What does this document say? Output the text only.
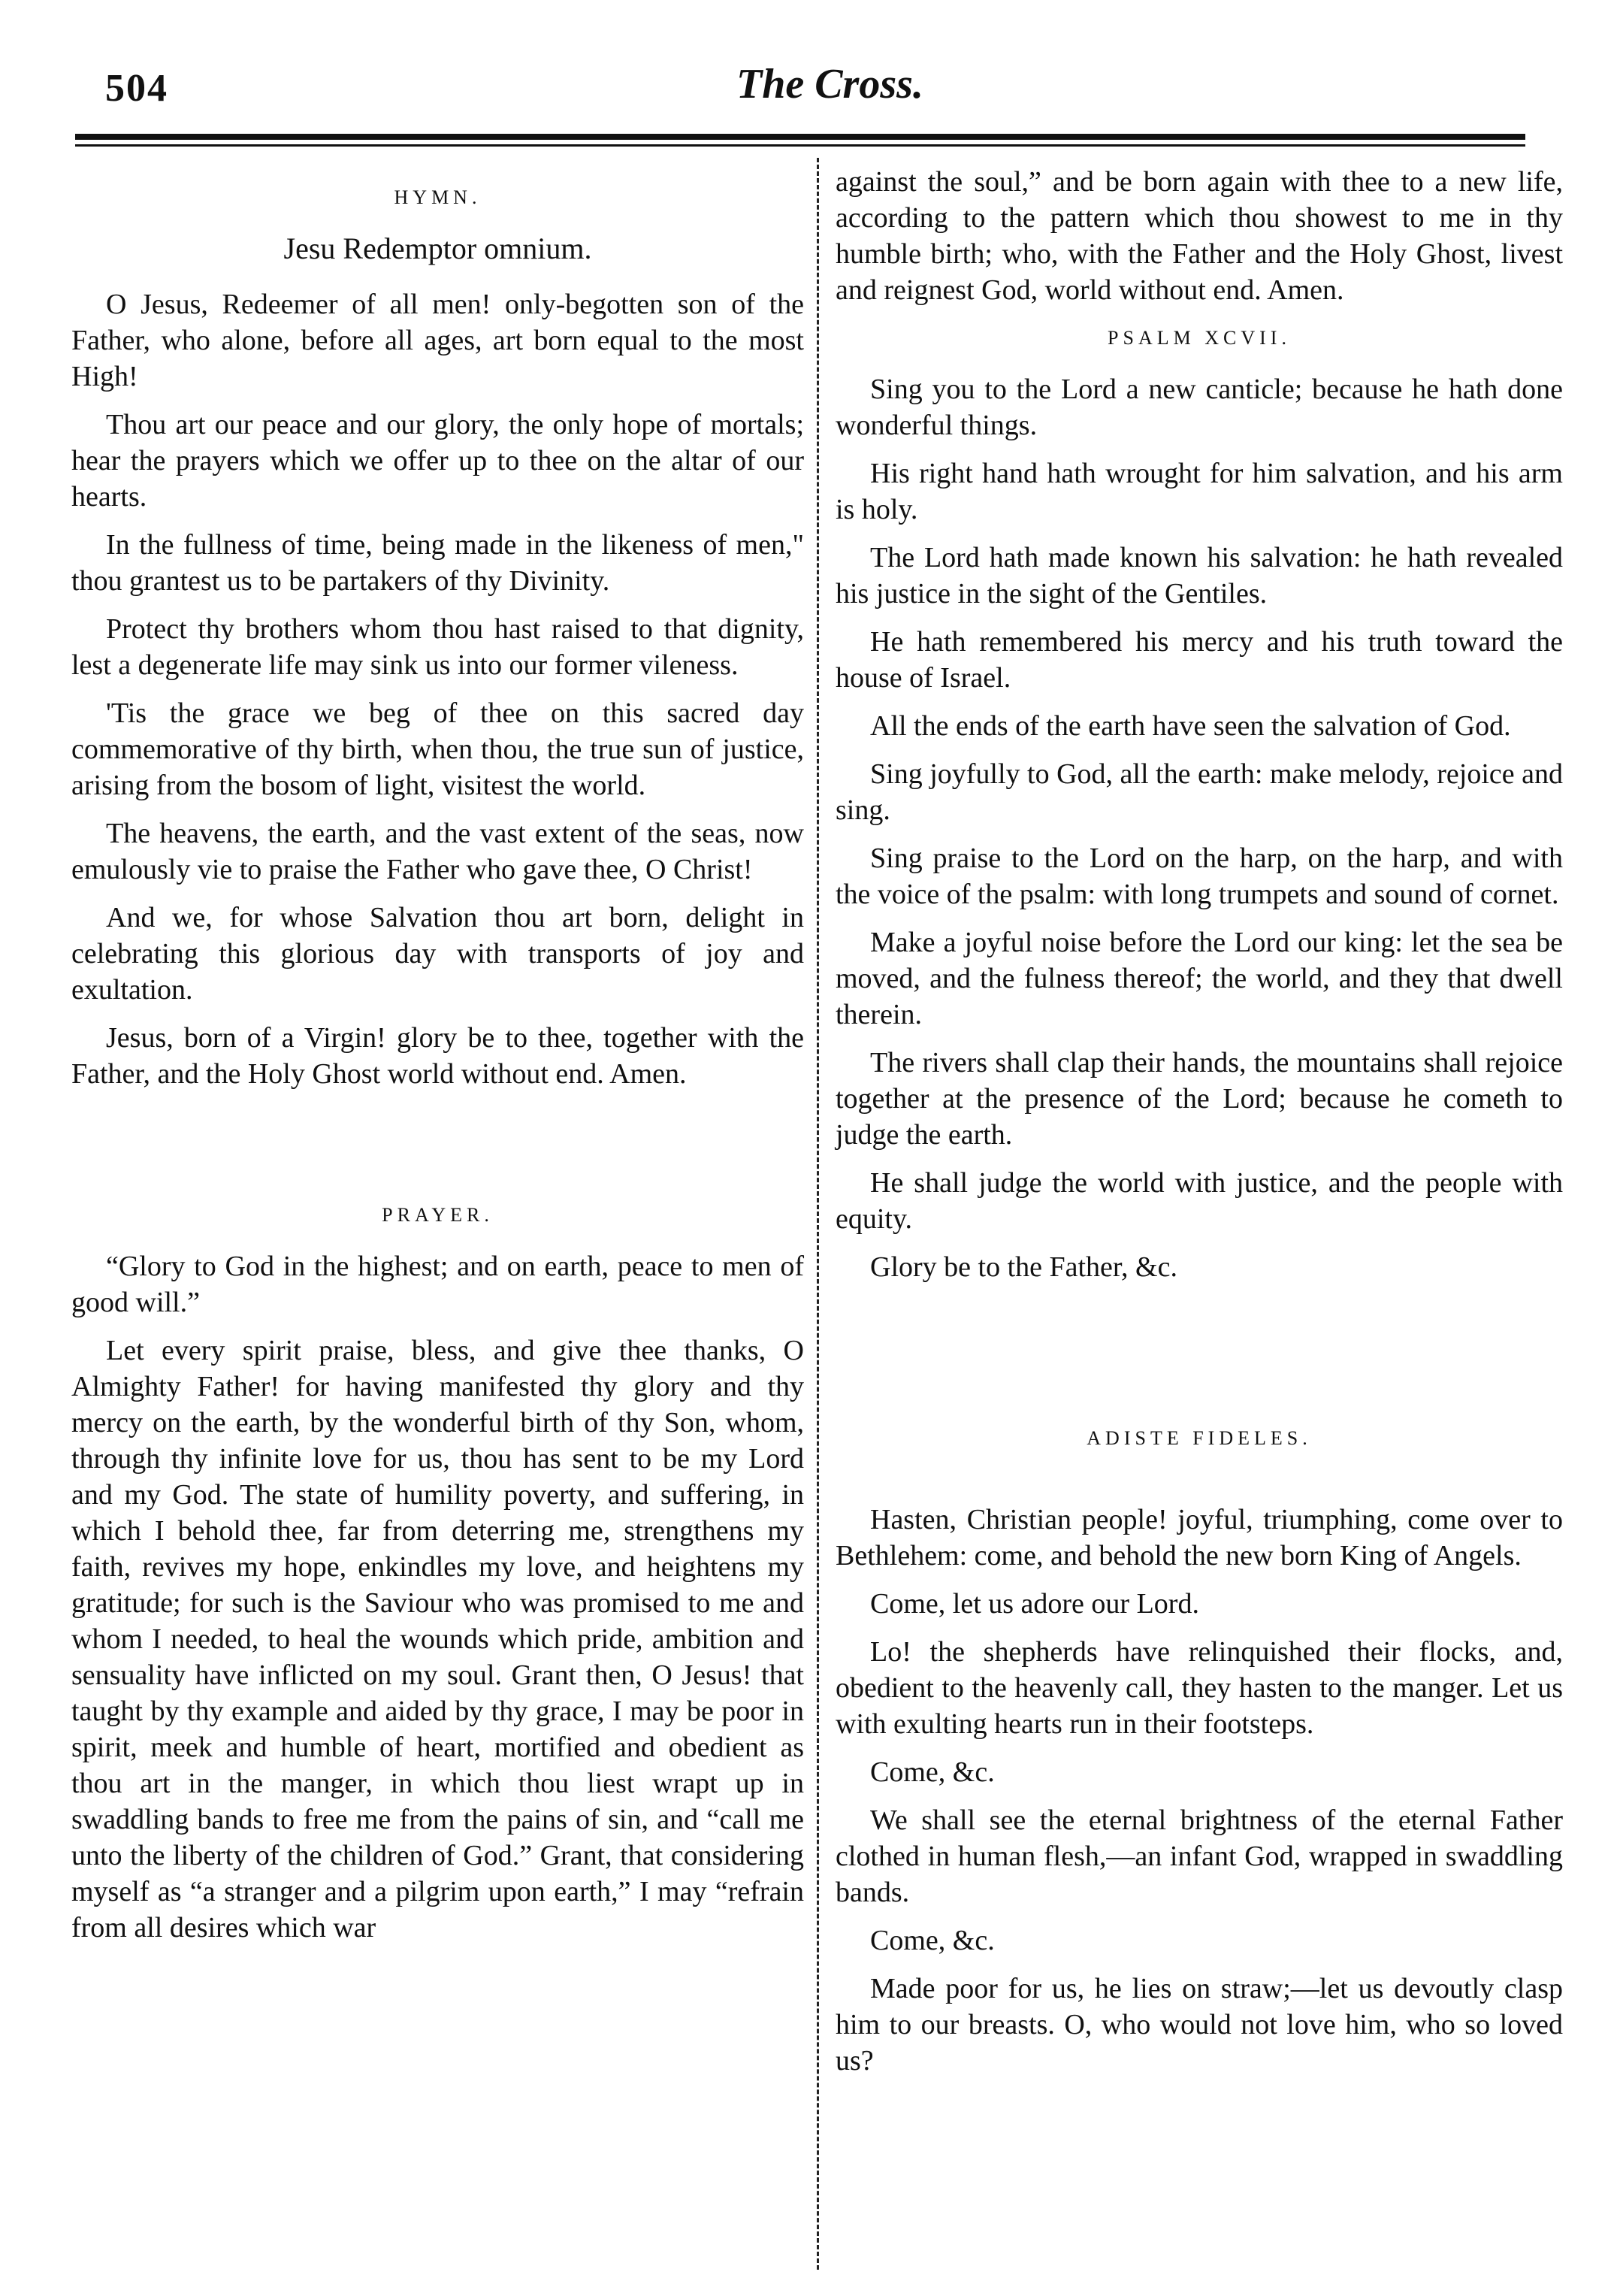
504	The Cross.
HYMN.
Jesu Redemptor omnium.

O Jesus, Redeemer of all men! only-begotten son of the Father, who alone, before all ages, art born equal to the most High!

Thou art our peace and our glory, the only hope of mortals; hear the prayers which we offer up to thee on the altar of our hearts.

In the fullness of time, being made in the likeness of men," thou grantest us to be partakers of thy Divinity.

Protect thy brothers whom thou hast raised to that dignity, lest a degenerate life may sink us into our former vileness.

'Tis the grace we beg of thee on this sacred day commemorative of thy birth, when thou, the true sun of justice, arising from the bosom of light, visitest the world.

The heavens, the earth, and the vast extent of the seas, now emulously vie to praise the Father who gave thee, O Christ!

And we, for whose Salvation thou art born, delight in celebrating this glorious day with transports of joy and exultation.

Jesus, born of a Virgin! glory be to thee, together with the Father, and the Holy Ghost world without end. Amen.

PRAYER.

“Glory to God in the highest; and on earth, peace to men of good will.”

Let every spirit praise, bless, and give thee thanks, O Almighty Father! for having manifested thy glory and thy mercy on the earth, by the wonderful birth of thy Son, whom, through thy infinite love for us, thou has sent to be my Lord and my God. The state of humility poverty, and suffering, in which I behold thee, far from deterring me, strengthens my faith, revives my hope, enkindles my love, and heightens my gratitude; for such is the Saviour who was promised to me and whom I needed, to heal the wounds which pride, ambition and sensuality have inflicted on my soul. Grant then, O Jesus! that taught by thy example and aided by thy grace, I may be poor in spirit, meek and humble of heart, mortified and obedient as thou art in the manger, in which thou liest wrapt up in swaddling bands to free me from the pains of sin, and “call me unto the liberty of the children of God.” Grant, that considering myself as “a stranger and a pilgrim upon earth,” I may “refrain from all desires which war

against the soul,” and be born again with thee to a new life, according to the pattern which thou showest to me in thy humble birth; who, with the Father and the Holy Ghost, livest and reignest God, world without end. Amen.

PSALM XCVII.

Sing you to the Lord a new canticle; because he hath done wonderful things.

His right hand hath wrought for him salvation, and his arm is holy.

The Lord hath made known his salvation: he hath revealed his justice in the sight of the Gentiles.

He hath remembered his mercy and his truth toward the house of Israel.

All the ends of the earth have seen the salvation of God.

Sing joyfully to God, all the earth: make melody, rejoice and sing.

Sing praise to the Lord on the harp, on the harp, and with the voice of the psalm: with long trumpets and sound of cornet.

Make a joyful noise before the Lord our king: let the sea be moved, and the fulness thereof; the world, and they that dwell therein.

The rivers shall clap their hands, the mountains shall rejoice together at the presence of the Lord; because he cometh to judge the earth.

He shall judge the world with justice, and the people with equity.

Glory be to the Father, &c.

ADISTE FIDELES.

Hasten, Christian people! joyful, triumphing, come over to Bethlehem: come, and behold the new born King of Angels.

Come, let us adore our Lord.

Lo! the shepherds have relinquished their flocks, and, obedient to the heavenly call, they hasten to the manger. Let us with exulting hearts run in their footsteps.

Come, &c.

We shall see the eternal brightness of the eternal Father clothed in human flesh,—an infant God, wrapped in swaddling bands.

Come, &c.

Made poor for us, he lies on straw;—let us devoutly clasp him to our breasts. O, who would not love him, who so loved us?
